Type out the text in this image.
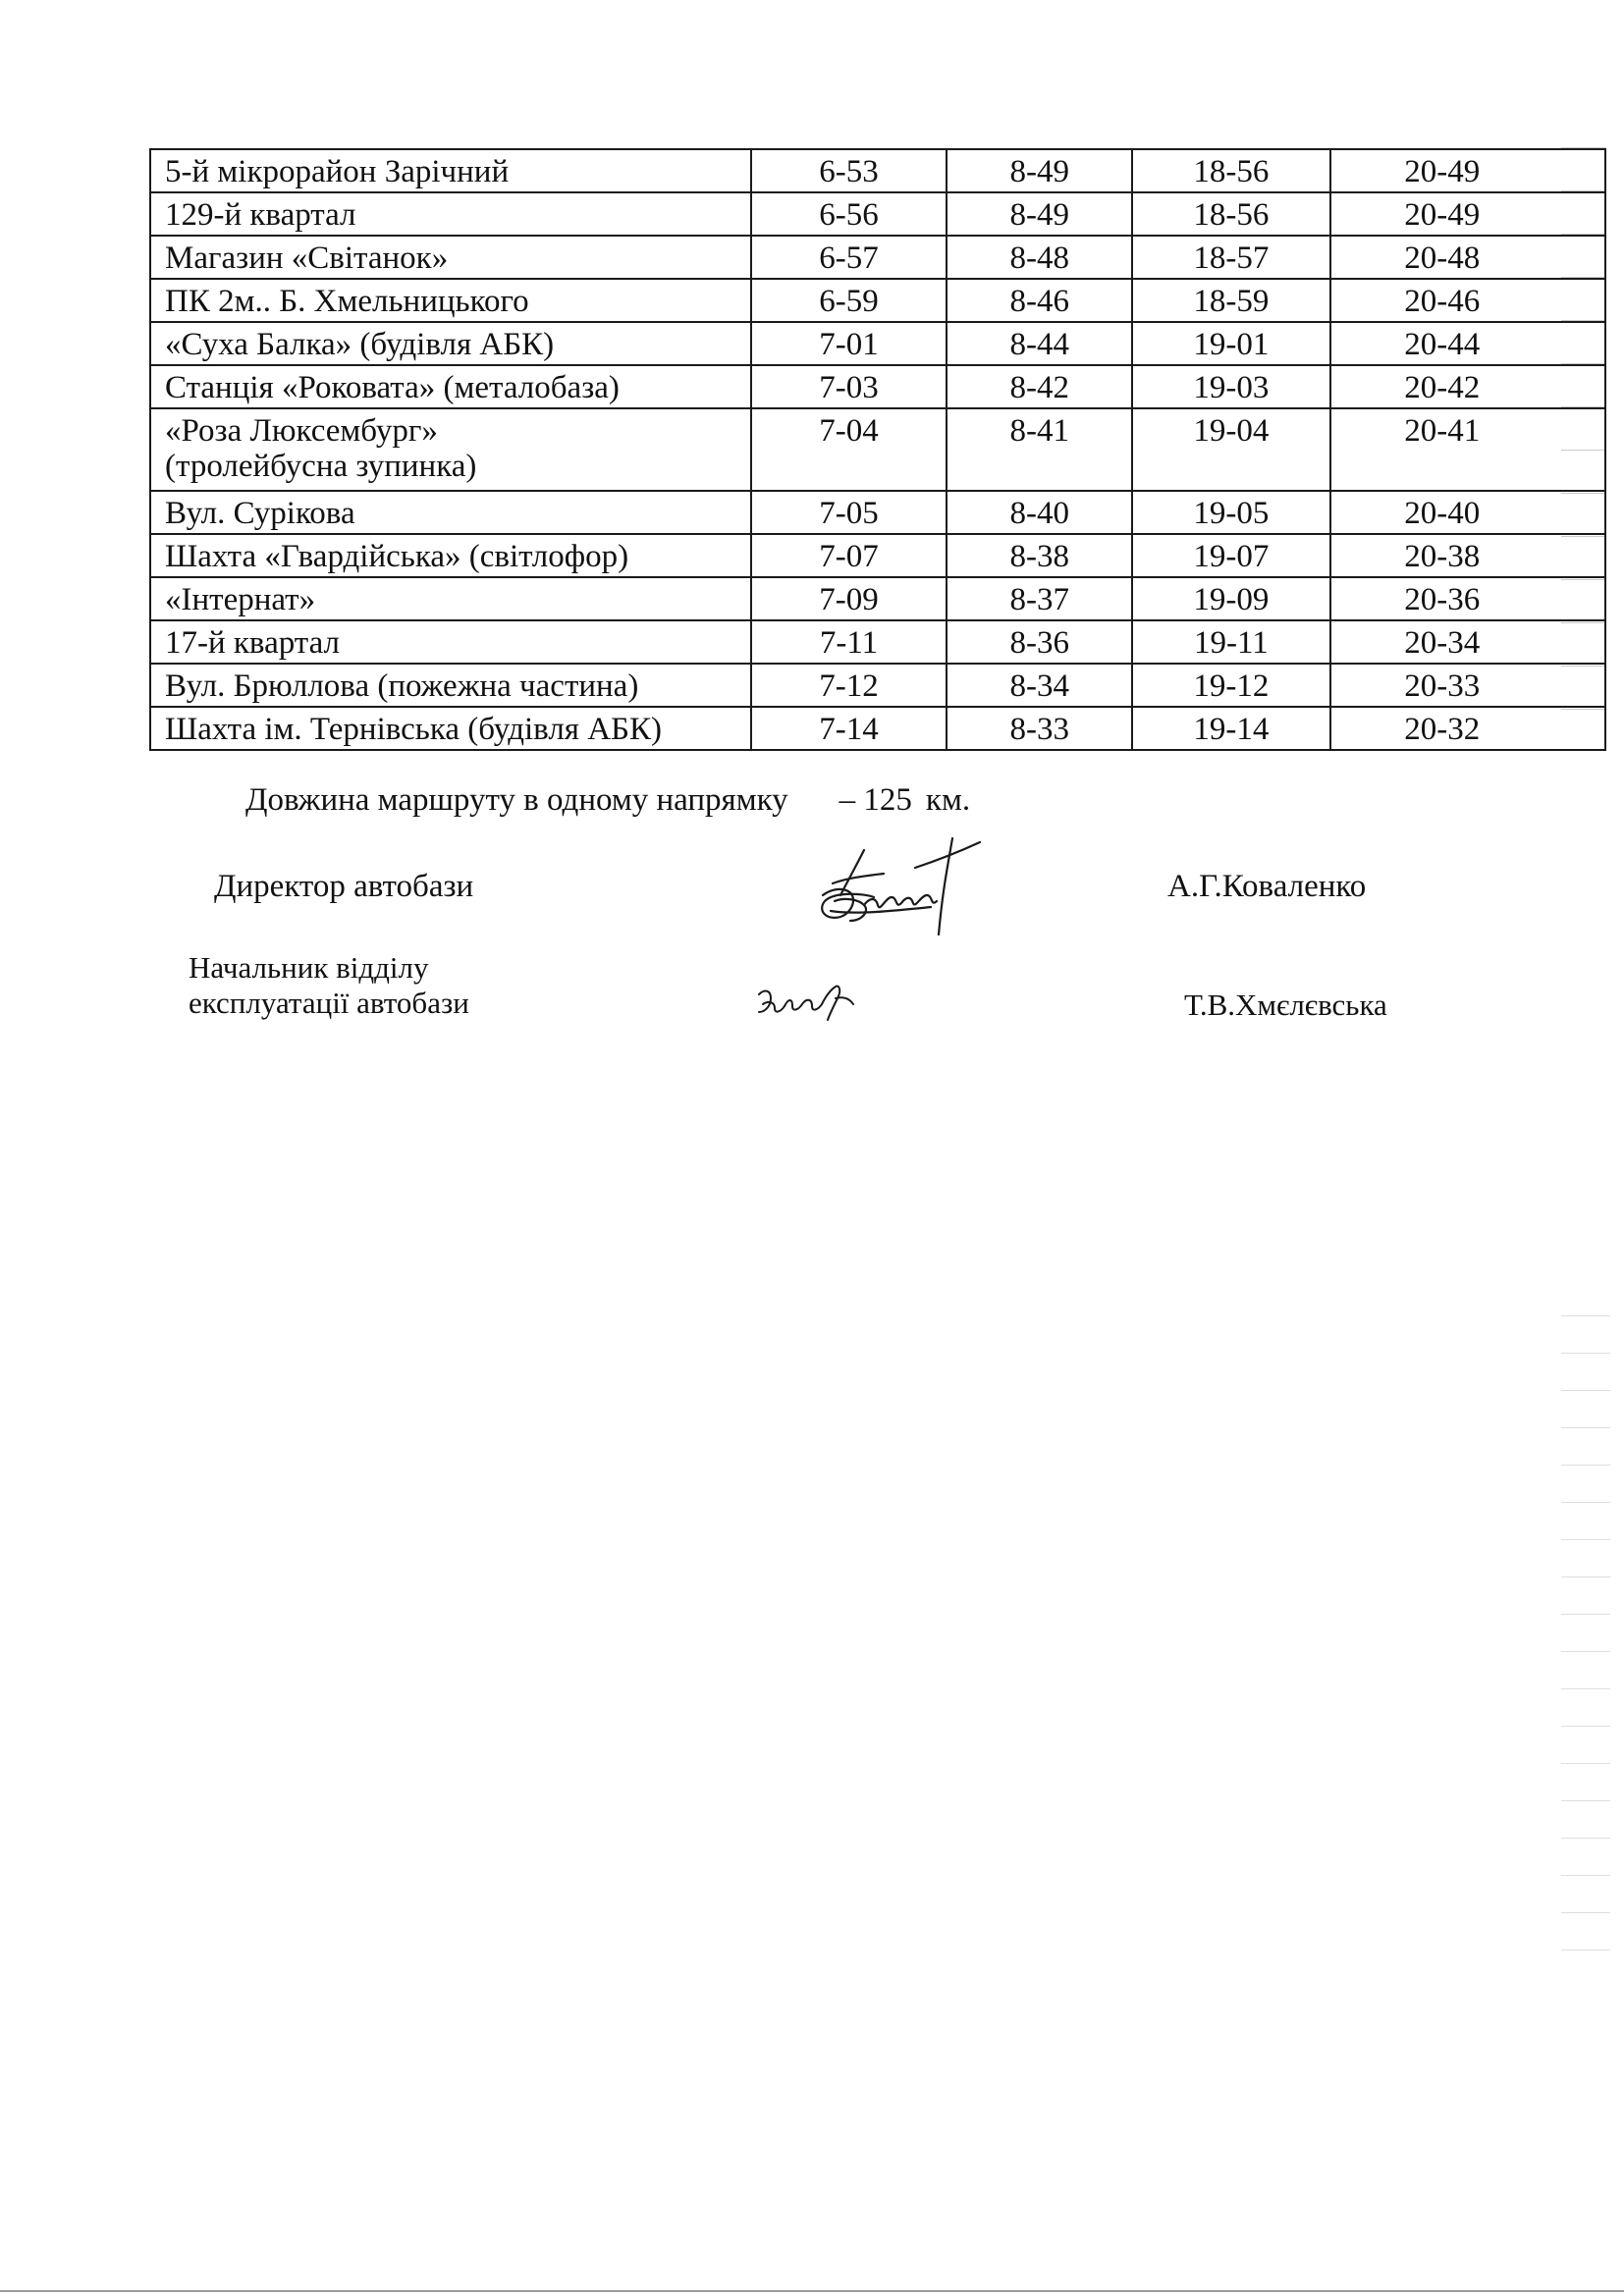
5-й мікрорайон Зарічний	6-53	8-49	18-56	20-49
129-й квартал	6-56	8-49	18-56	20-49
Магазин «Світанок»	6-57	8-48	18-57	20-48
ПК 2м.. Б. Хмельницького	6-59	8-46	18-59	20-46
«Суха Балка» (будівля АБК)	7-01	8-44	19-01	20-44
Станція «Роковата» (металобаза)	7-03	8-42	19-03	20-42

«Роза Люксембург»
(тролейбусна зупинка)	7-04	8-41	19-04	20-41
Вул. Сурікова	7-05	8-40	19-05	20-40
Шахта «Гвардійська» (світлофор)	7-07	8-38	19-07	20-38
«Інтернат»	7-09	8-37	19-09	20-36
17-й квартал	7-11	8-36	19-11	20-34
Вул. Брюллова (пожежна частина)	7-12	8-34	19-12	20-33
Шахта ім. Тернівська (будівля АБК)	7-14	8-33	19-14	20-32
Довжина маршруту в одному напрямку – 125 км.
Директор автобази	А.Г.Коваленко
Начальник відділу
експлуатації автобази	Т.В.Хмєлєвська
